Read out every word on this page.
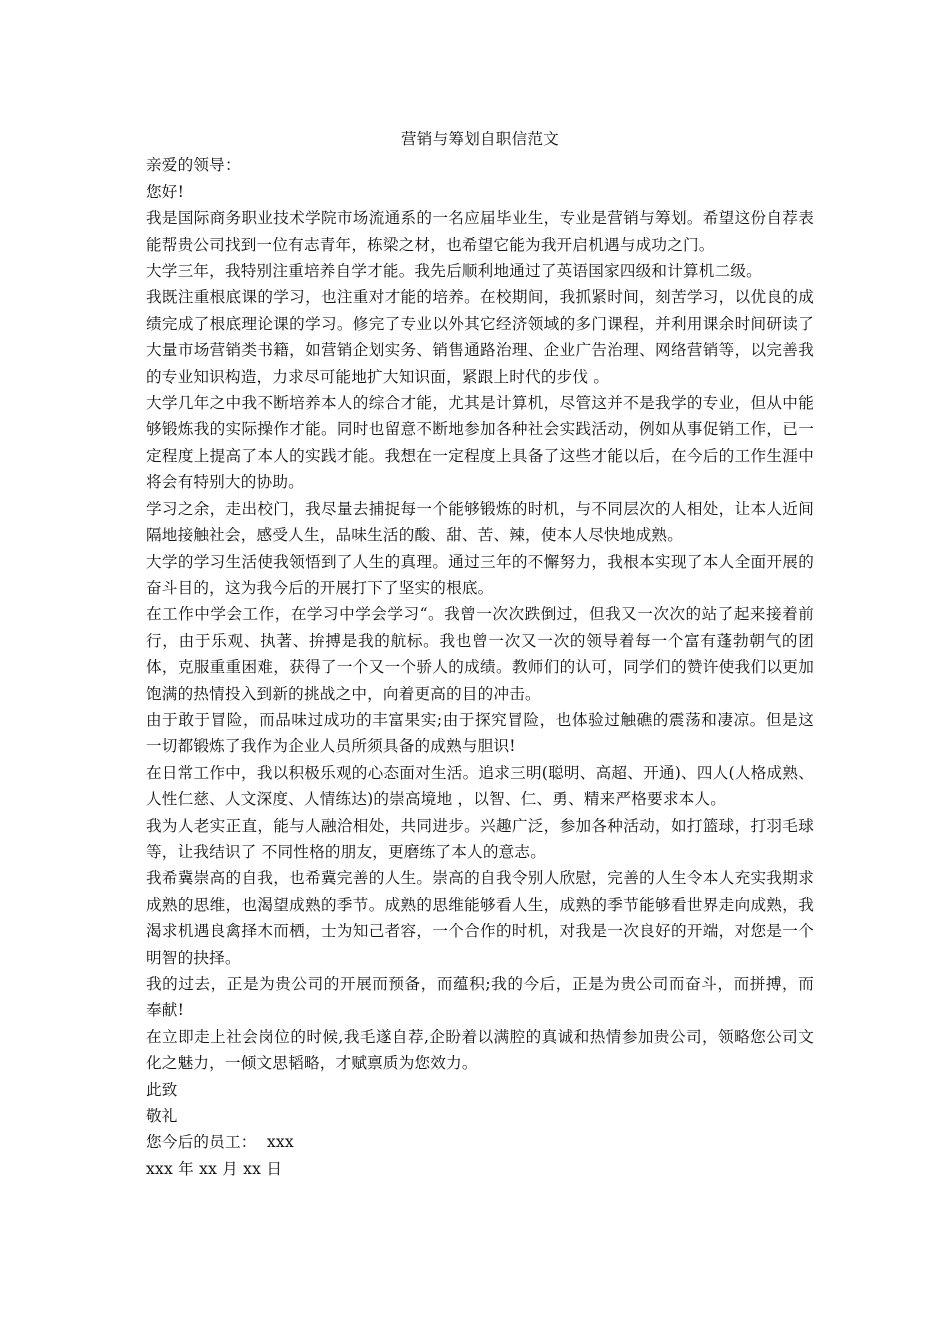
营销与筹划自职信范文

亲爱的领导：

您好!

我是国际商务职业技术学院市场流通系的一名应届毕业生，专业是营销与筹划。希望这份自荐表能帮贵公司找到一位有志青年，栋梁之材，也希望它能为我开启机遇与成功之门。

大学三年，我特别注重培养自学才能。我先后顺利地通过了英语国家四级和计算机二级。

我既注重根底课的学习，也注重对才能的培养。在校期间，我抓紧时间，刻苦学习，以优良的成绩完成了根底理论课的学习。修完了专业以外其它经济领域的多门课程，并利用课余时间研读了大量市场营销类书籍，如营销企划实务、销售通路治理、企业广告治理、网络营销等，以完善我的专业知识构造，力求尽可能地扩大知识面，紧跟上时代的步伐 。

大学几年之中我不断培养本人的综合才能，尤其是计算机，尽管这并不是我学的专业，但从中能够锻炼我的实际操作才能。同时也留意不断地参加各种社会实践活动，例如从事促销工作，已一定程度上提高了本人的实践才能。我想在一定程度上具备了这些才能以后，在今后的工作生涯中将会有特别大的协助。

学习之余，走出校门，我尽量去捕捉每一个能够锻炼的时机，与不同层次的人相处，让本人近间隔地接触社会，感受人生，品味生活的酸、甜、苦、辣，使本人尽快地成熟。

大学的学习生活使我领悟到了人生的真理。通过三年的不懈努力，我根本实现了本人全面开展的奋斗目的，这为我今后的开展打下了坚实的根底。

在工作中学会工作，在学习中学会学习“。我曾一次次跌倒过，但我又一次次的站了起来接着前行，由于乐观、执著、拚搏是我的航标。我也曾一次又一次的领导着每一个富有蓬勃朝气的团体，克服重重困难，获得了一个又一个骄人的成绩。教师们的认可，同学们的赞许使我们以更加饱满的热情投入到新的挑战之中，向着更高的目的冲击。

由于敢于冒险，而品味过成功的丰富果实;由于探究冒险，也体验过触礁的震荡和凄凉。但是这一切都锻炼了我作为企业人员所须具备的成熟与胆识!

在日常工作中，我以积极乐观的心态面对生活。追求三明(聪明、高超、开通)、四人(人格成熟、人性仁慈、人文深度、人情练达)的崇高境地 ，以智、仁、勇、精来严格要求本人。

我为人老实正直，能与人融洽相处，共同进步。兴趣广泛，参加各种活动，如打篮球，打羽毛球等，让我结识了 不同性格的朋友，更磨练了本人的意志。

我希冀崇高的自我，也希冀完善的人生。崇高的自我令别人欣慰，完善的人生令本人充实我期求成熟的思维，也渴望成熟的季节。成熟的思维能够看人生，成熟的季节能够看世界走向成熟，我渴求机遇良禽择木而栖，士为知己者容，一个合作的时机，对我是一次良好的开端，对您是一个明智的抉择。

我的过去，正是为贵公司的开展而预备，而蕴积;我的今后，正是为贵公司而奋斗，而拼搏，而奉献!

在立即走上社会岗位的时候,我毛遂自荐,企盼着以满腔的真诚和热情参加贵公司，领略您公司文化之魅力，一倾文思韬略，才赋禀质为您效力。

此致

敬礼

您今后的员工：  xxx

xxx 年 xx 月 xx 日
